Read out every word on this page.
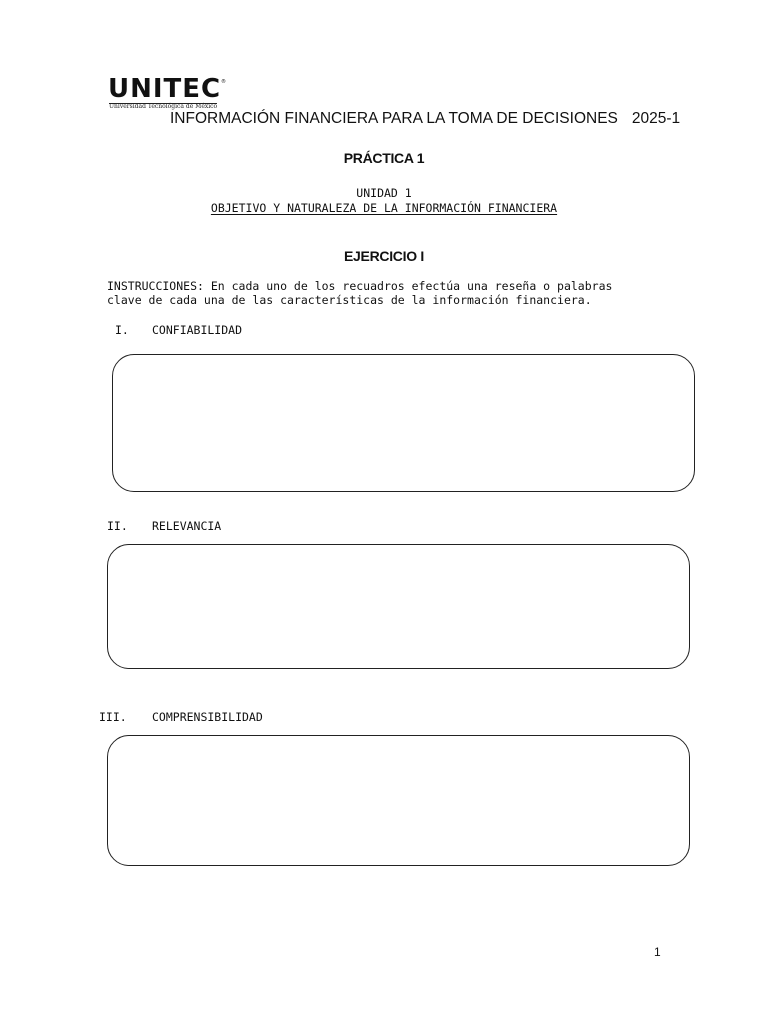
UNITEC ®
Universidad Tecnológica de México
INFORMACIÓN FINANCIERA PARA LA TOMA DE DECISIONES 2025-1
PRÁCTICA 1
UNIDAD 1
OBJETIVO Y NATURALEZA DE LA INFORMACIÓN FINANCIERA
EJERCICIO I
INSTRUCCIONES: En cada uno de los recuadros efectúa una reseña o palabras
clave de cada una de las características de la información financiera.
I. CONFIABILIDAD
II. RELEVANCIA
III. COMPRENSIBILIDAD
1
